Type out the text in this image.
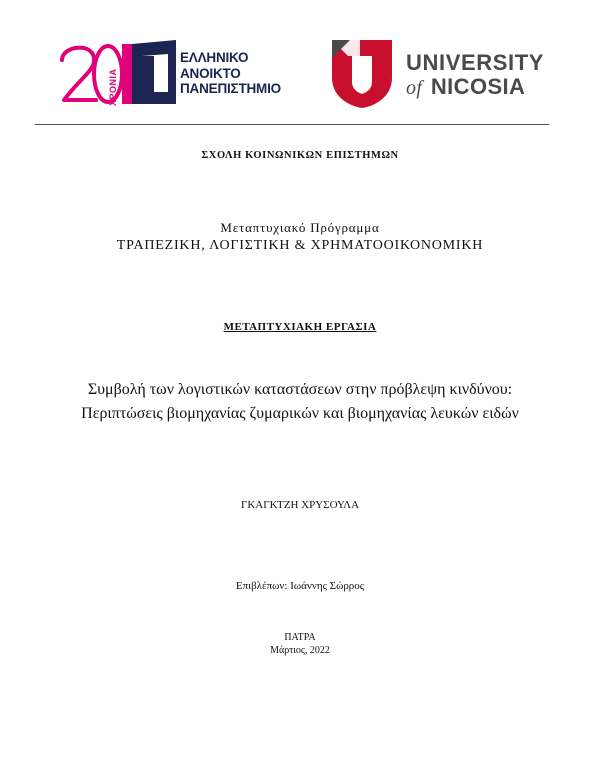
ΧΡΟΝΙΑ
ΕΛΛΗΝΙΚΟ
ΑΝΟΙΚΤΟ
ΠΑΝΕΠΙΣΤΗΜΙΟ
UNIVERSITY
of NICOSIA
ΣΧΟΛΗ ΚΟΙΝΩΝΙΚΩΝ ΕΠΙΣΤΗΜΩΝ
Μεταπτυχιακό Πρόγραμμα
ΤΡΑΠΕΖΙΚΗ, ΛΟΓΙΣΤΙΚΗ & ΧΡΗΜΑΤΟΟΙΚΟΝΟΜΙΚΗ
ΜΕΤΑΠΤΥΧΙΑΚΗ ΕΡΓΑΣΙΑ
Συμβολή των λογιστικών καταστάσεων στην πρόβλεψη κινδύνου:
Περιπτώσεις βιομηχανίας ζυμαρικών και βιομηχανίας λευκών ειδών
ΓΚΑΓΚΤΖΗ ΧΡΥΣΟΥΛΑ
Επιβλέπων: Ιωάννης Σώρρος
ΠΑΤΡΑ
Μάρτιος, 2022
